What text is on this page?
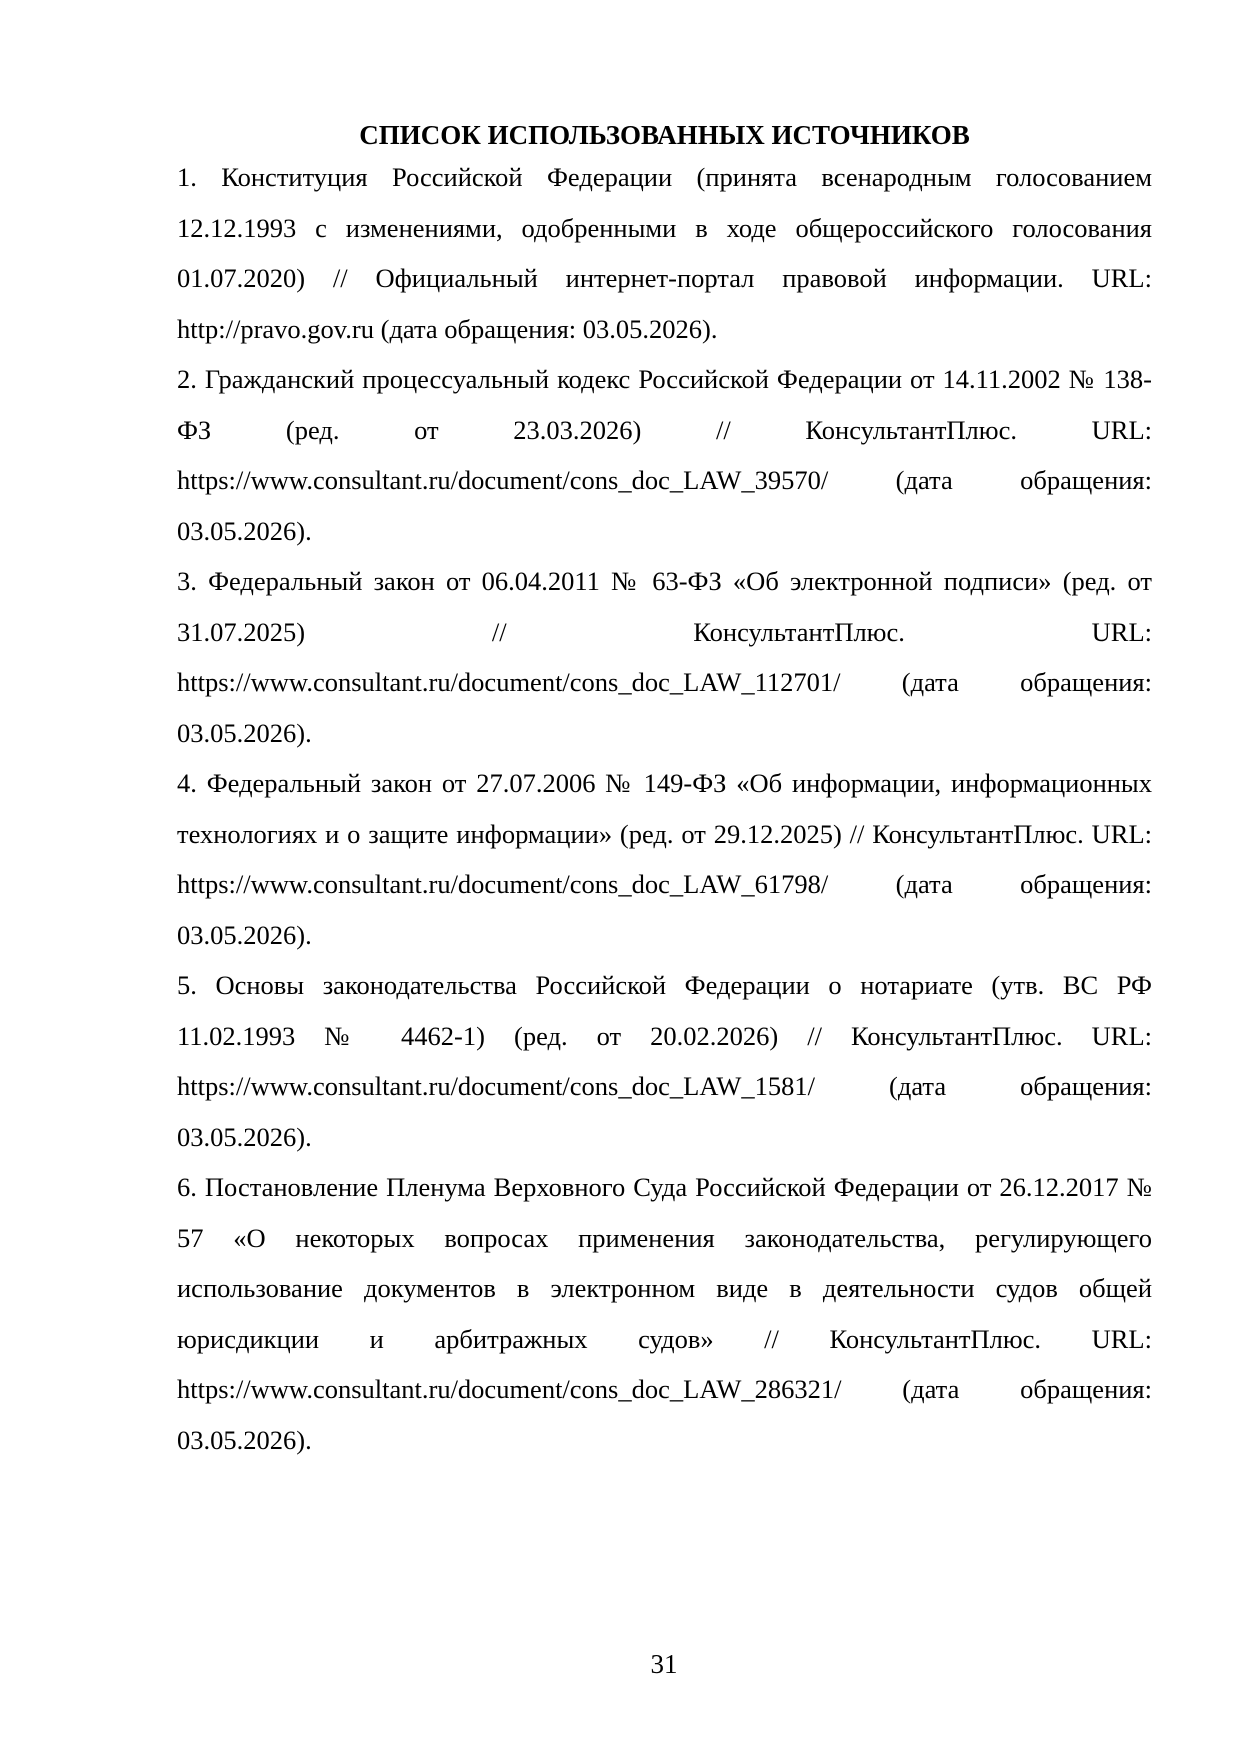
СПИСОК ИСПОЛЬЗОВАННЫХ ИСТОЧНИКОВ
1. Конституция Российской Федерации (принята всенародным голосованием 12.12.1993 с изменениями, одобренными в ходе общероссийского голосования 01.07.2020) // Официальный интернет-портал правовой информации. URL: http://pravo.gov.ru (дата обращения: 03.05.2026).
2. Гражданский процессуальный кодекс Российской Федерации от 14.11.2002 № 138-ФЗ (ред. от 23.03.2026) // КонсультантПлюс. URL: https://www.consultant.ru/document/cons_doc_LAW_39570/ (дата обращения: 03.05.2026).
3. Федеральный закон от 06.04.2011 № 63-ФЗ «Об электронной подписи» (ред. от 31.07.2025) // КонсультантПлюс. URL: https://www.consultant.ru/document/cons_doc_LAW_112701/ (дата обращения: 03.05.2026).
4. Федеральный закон от 27.07.2006 № 149-ФЗ «Об информации, информационных технологиях и о защите информации» (ред. от 29.12.2025) // КонсультантПлюс. URL: https://www.consultant.ru/document/cons_doc_LAW_61798/ (дата обращения: 03.05.2026).
5. Основы законодательства Российской Федерации о нотариате (утв. ВС РФ 11.02.1993 № 4462-1) (ред. от 20.02.2026) // КонсультантПлюс. URL: https://www.consultant.ru/document/cons_doc_LAW_1581/ (дата обращения: 03.05.2026).
6. Постановление Пленума Верховного Суда Российской Федерации от 26.12.2017 № 57 «О некоторых вопросах применения законодательства, регулирующего использование документов в электронном виде в деятельности судов общей юрисдикции и арбитражных судов» // КонсультантПлюс. URL: https://www.consultant.ru/document/cons_doc_LAW_286321/ (дата обращения: 03.05.2026).
31
